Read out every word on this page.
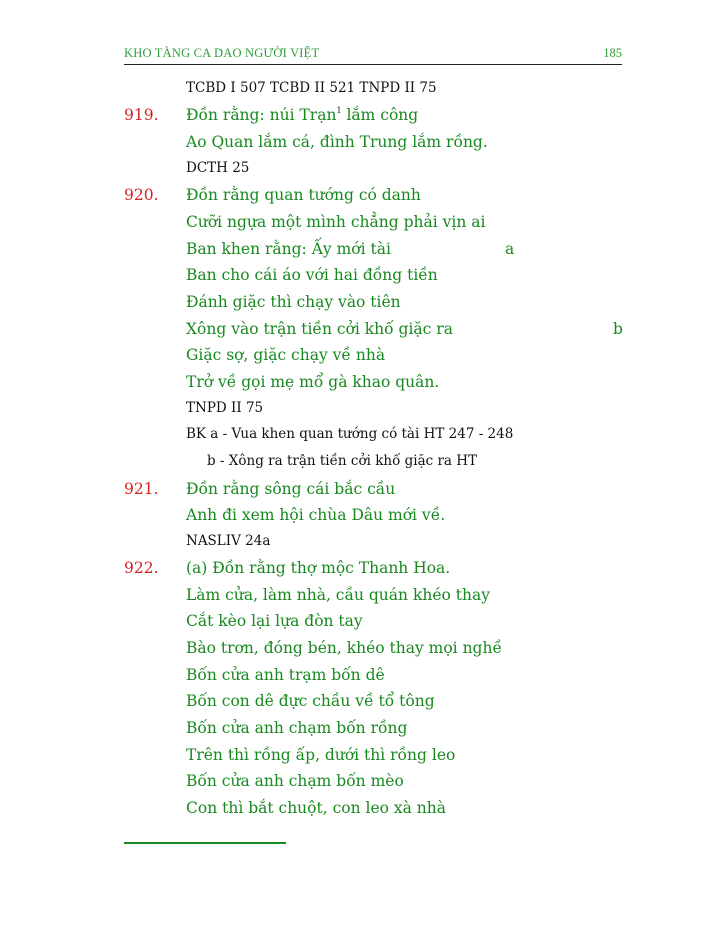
KHO TÀNG CA DAO NGƯỜI VIỆT	185
TCBD I 507 TCBD II 521 TNPD II 75
Đồn rằng: núi Trạn$^1$ lắm công
919.
Ao Quan lắm cá, đình Trung lắm rồng.
DCTH 25
Đồn rằng quan tướng có danh
920.
Cưỡi ngựa một mình chẳng phải vịn ai
Ban khen rằng: Ấy mới tài	a
Ban cho cái áo với hai đồng tiền
Đánh giặc thì chạy vào tiên
Xông vào trận tiền cởi khố giặc ra	b
Giặc sợ, giặc chạy về nhà
Trở về gọi mẹ mổ gà khao quân.
TNPD II 75
BK a - Vua khen quan tướng có tài HT 247 - 248
b - Xông ra trận tiền cởi khố giặc ra HT
Đồn rằng sông cái bắc cầu
921.
Anh đi xem hội chùa Dâu mới về.
NASLIV 24a
(a) Đồn rằng thợ mộc Thanh Hoa.
922.
Làm cửa, làm nhà, cầu quán khéo thay
Cắt kèo lại lựa đòn tay
Bào trơn, đóng bén, khéo thay mọi nghề
Bốn cửa anh trạm bốn dê
Bốn con dê đực chầu về tổ tông
Bốn cửa anh chạm bốn rồng
Trên thì rồng ấp, dưới thì rồng leo
Bốn cửa anh chạm bốn mèo
Con thì bắt chuột, con leo xà nhà
